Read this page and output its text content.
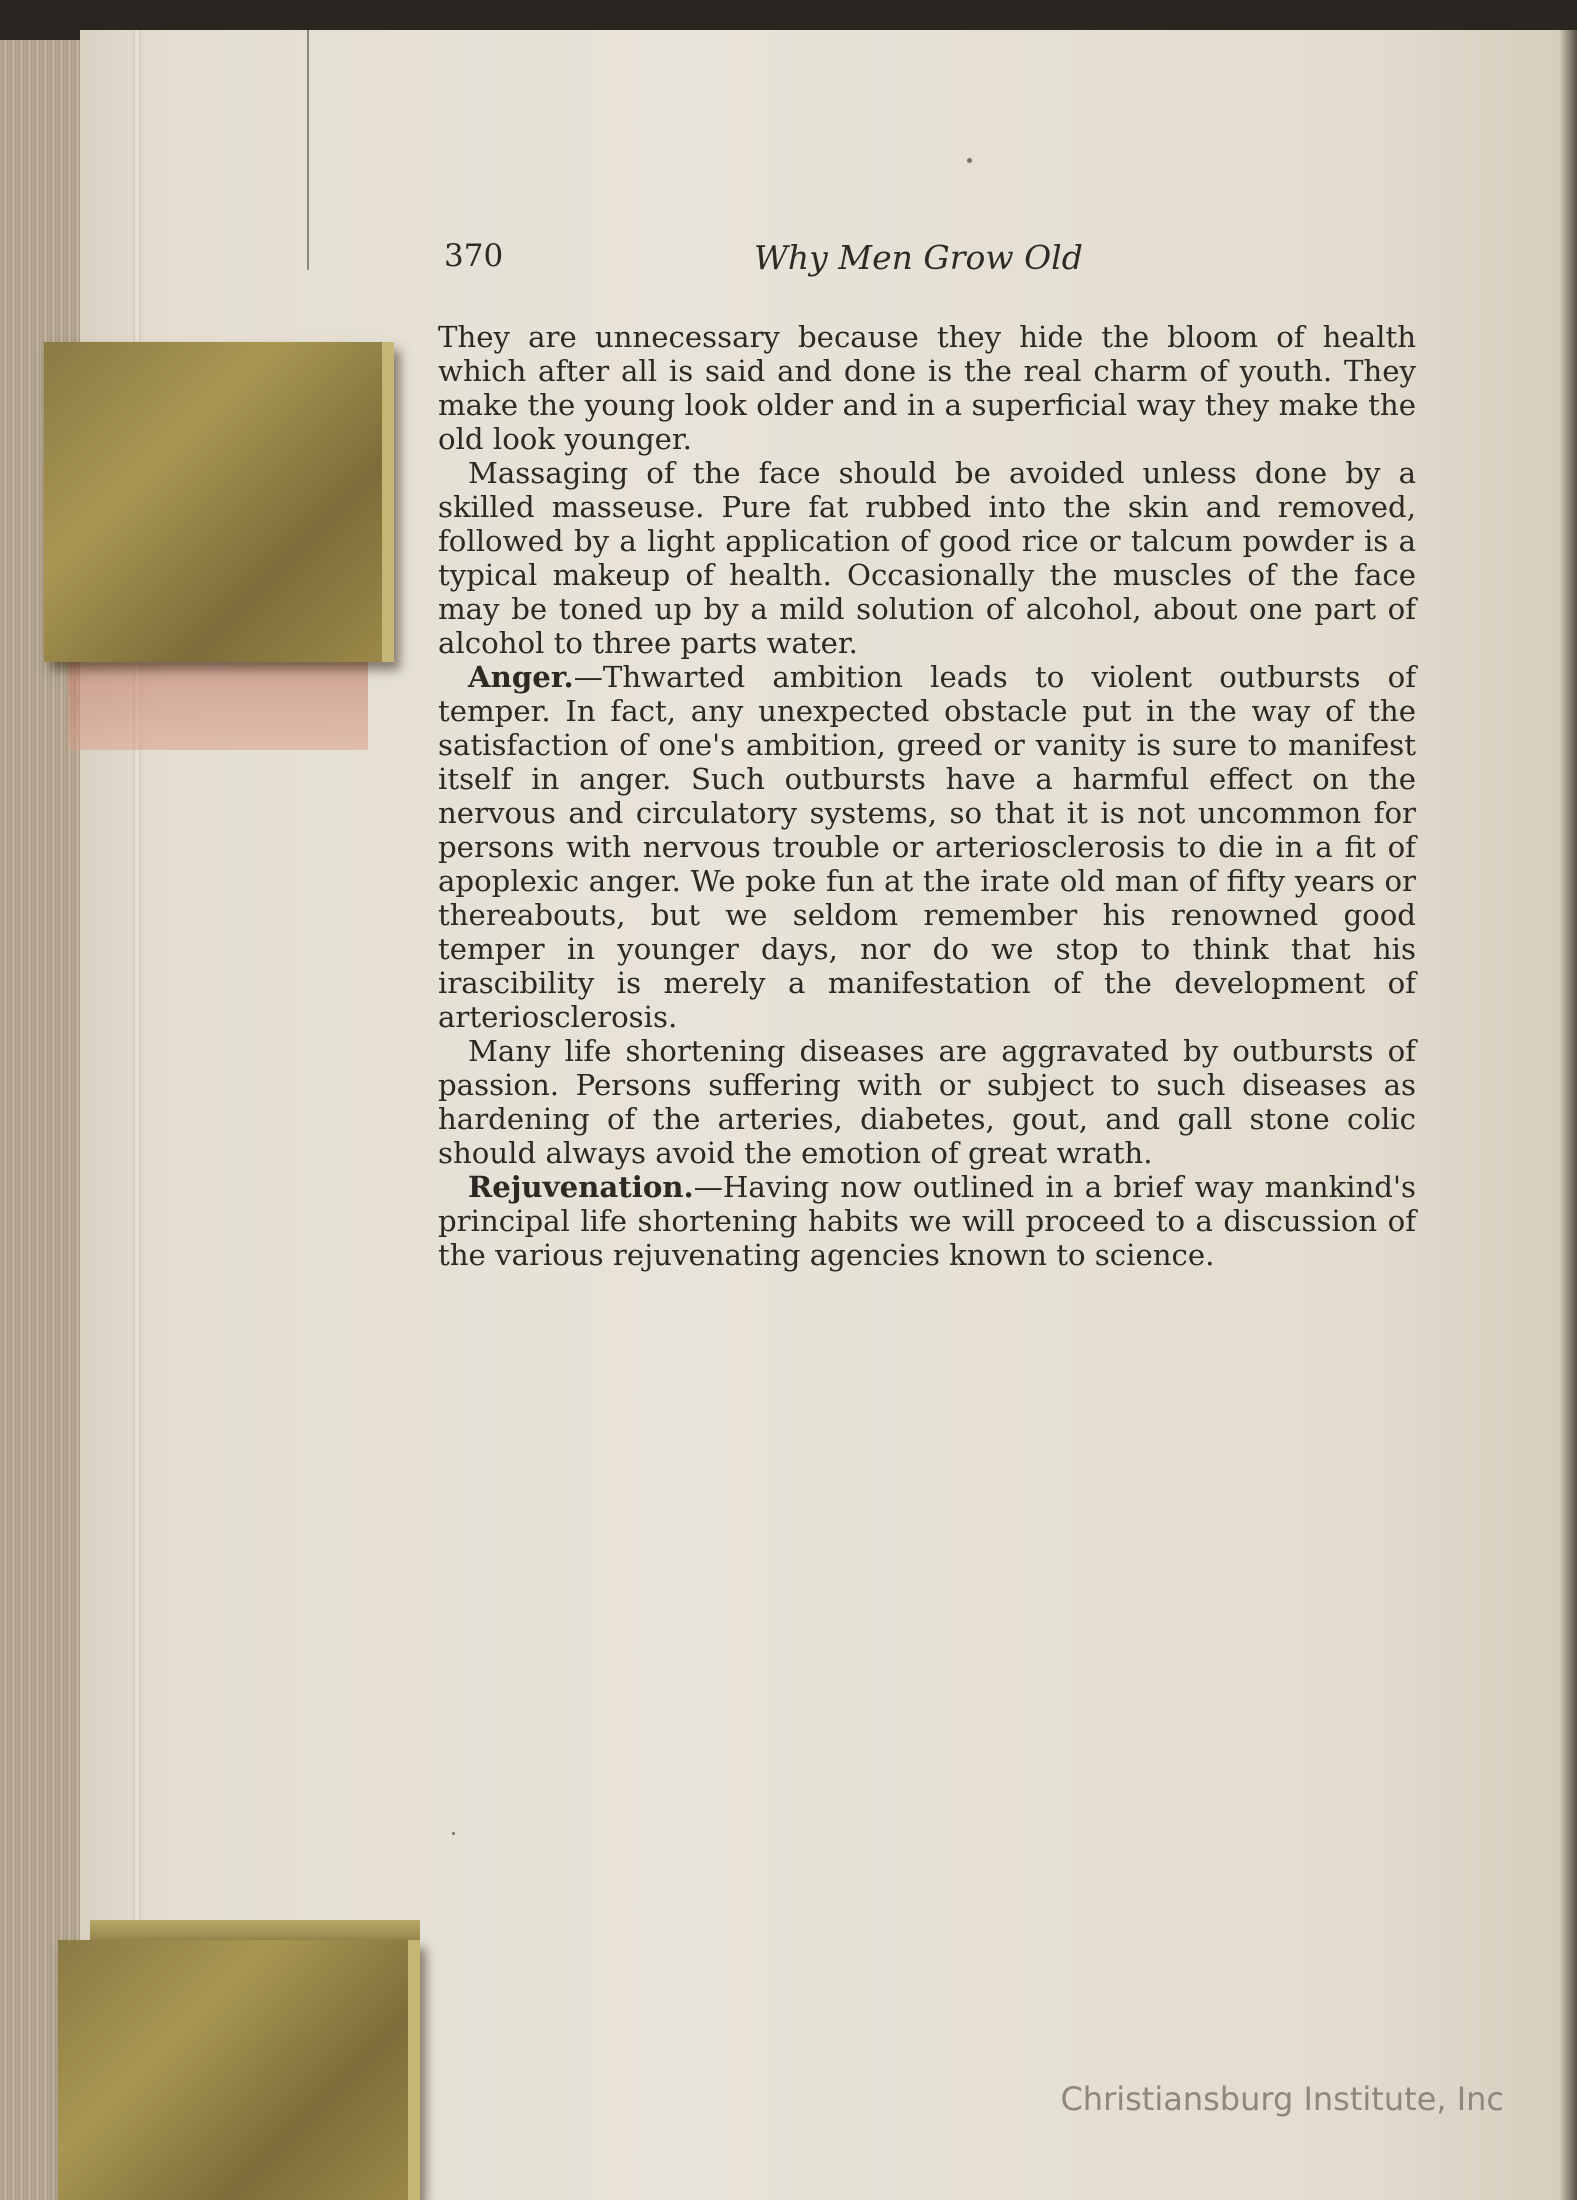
370	Why Men Grow Old

They are unnecessary because they hide the bloom of health which after all is said and done is the real charm of youth. They make the young look older and in a superficial way they make the old look younger.

Massaging of the face should be avoided unless done by a skilled masseuse. Pure fat rubbed into the skin and removed, followed by a light application of good rice or talcum powder is a typical makeup of health. Occasionally the muscles of the face may be toned up by a mild solution of alcohol, about one part of alcohol to three parts water.

Anger.—Thwarted ambition leads to violent outbursts of temper. In fact, any unexpected obstacle put in the way of the satisfaction of one's ambition, greed or vanity is sure to manifest itself in anger. Such outbursts have a harmful effect on the nervous and circulatory systems, so that it is not uncommon for persons with nervous trouble or arteriosclerosis to die in a fit of apoplexic anger. We poke fun at the irate old man of fifty years or thereabouts, but we seldom remember his renowned good temper in younger days, nor do we stop to think that his irascibility is merely a manifestation of the development of arteriosclerosis.

Many life shortening diseases are aggravated by outbursts of passion. Persons suffering with or subject to such diseases as hardening of the arteries, diabetes, gout, and gall stone colic should always avoid the emotion of great wrath.

Rejuvenation.—Having now outlined in a brief way mankind's principal life shortening habits we will proceed to a discussion of the various rejuvenating agencies known to science.

Christiansburg Institute, Inc
